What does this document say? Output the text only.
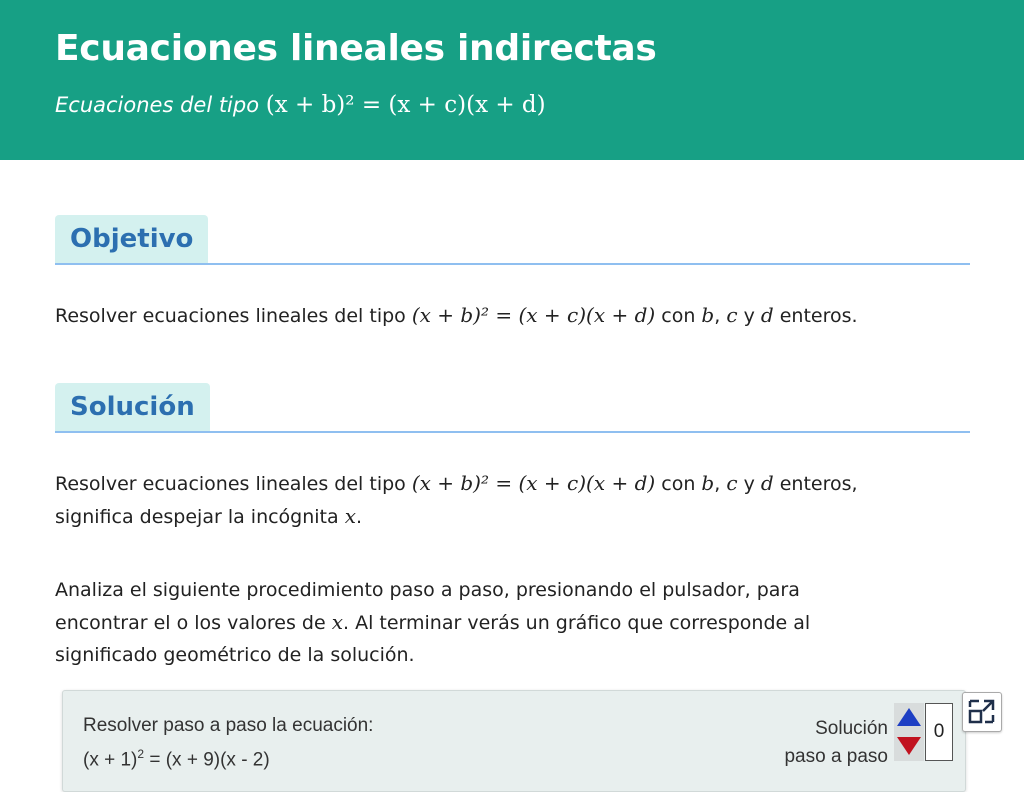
Ecuaciones lineales indirectas
Ecuaciones del tipo (x + b)² = (x + c)(x + d)
Objetivo
Resolver ecuaciones lineales del tipo (x + b)² = (x + c)(x + d) con b, c y d enteros.
Solución
Resolver ecuaciones lineales del tipo (x + b)² = (x + c)(x + d) con b, c y d enteros,
significa despejar la incógnita x.
Analiza el siguiente procedimiento paso a paso, presionando el pulsador, para
encontrar el o los valores de x. Al terminar verás un gráfico que corresponde al
significado geométrico de la solución.
Resolver paso a paso la ecuación:
$(x + 1)^2 = (x + 9)(x - 2)$
Solución
paso a paso
0
